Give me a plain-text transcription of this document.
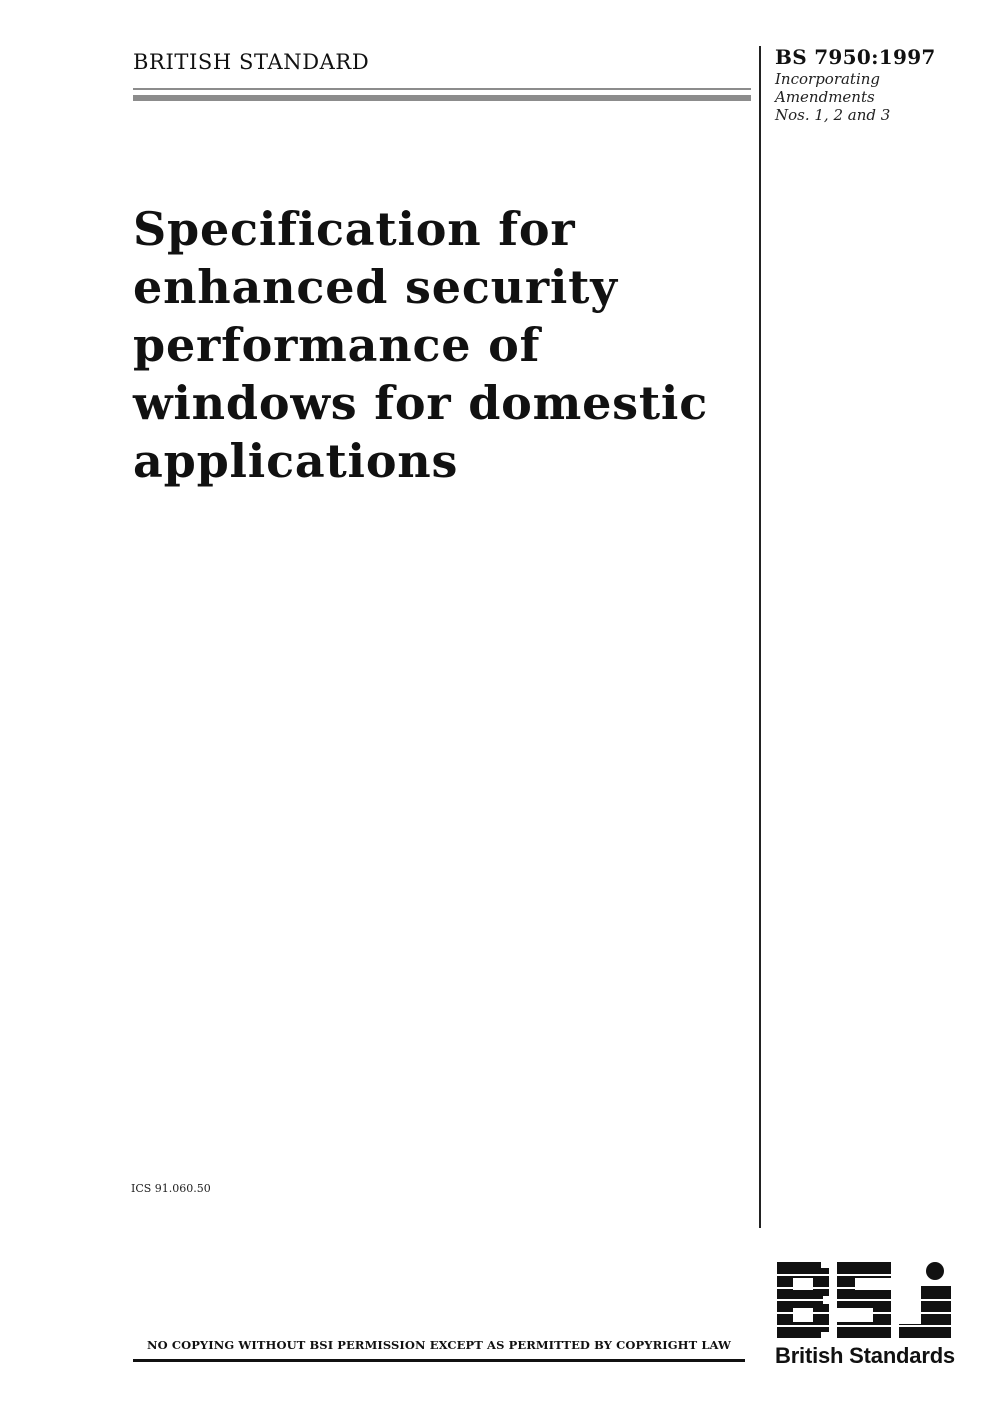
BRITISH STANDARD	BS 7950:1997
Incorporating
Amendments
Nos. 1, 2 and 3
Specification for
enhanced security
performance of
windows for domestic
applications
ICS 91.060.50
NO COPYING WITHOUT BSI PERMISSION EXCEPT AS PERMITTED BY COPYRIGHT LAW
BSI
British Standards
